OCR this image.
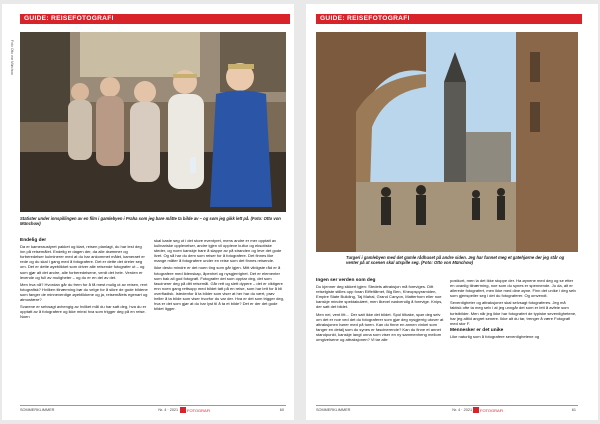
GUIDE: REISEFOTOGRAFI
Foto: Otto von Münchow
Statister under innspillingen av en film i gamlebyen i Praha som jeg bare måtte ta bilde av – og som jeg gikk lett på. (Foto: Otto von Münchow)
Endelig der

Da er kameraustyret pakket og klart, reisen planlagt, du har lest deg inn på reisemålet. Endelig er dagen der, da alle drømmer og forberedelser kulminerer med at du har ankommet målet, kameraet er rede og du skal i gang med å fotografere. Det er dette det dreier seg om. Det er dette øyeblikket som driver alle reisende fotografer ut – og som gjør alt det andre, alle forberedelsene, verdt det hele. Verden er levende og full av muligheter – og du er en del av det.

Men hva nå? Hvordan går du frem for å få mest mulig ut av reisen, rent fotografisk? Hvilken tilnærming bør du velge for å sikre de gode bildene som fanger de minneverdige øyeblikkene og ja, reisemålets egenart og atmosfære?

Svarene er selvsagt avhengig av hvilket mål du har satt deg, hva du er opptatt av å fotografere og ikke minst hva som trigger deg på en reise. Noen

skal kaste seg ut i det store eventyret, mens andre er mer opptatt av kulinariske opplevelser, andre igjen vil oppleve kultur og eksotiske steder, og noen kanskje bare å slappe av på stranden og leve det gode livet. Og så har du dem som reiser for å fotografere. Det finnes like mange måter å fotografere under en reise som det finnes reisende.

Ikke desto mindre er det noen ting som går igjen. Mitt viktigste råd er å fotografere med lidenskap, åpenhet og nysgjerrighet. Det er elementer som bak all god fotografi. Fotografer det som opptar deg, det som fascinerer deg på ditt reisemål. Går rett og slett dypere – det er viktigere enn noen gang rettsopp med bildet tatt på en reise, som har lett for å bli overfladisk. Istedenfor å ta bilder som viser at her har du vært, prøv heller å ta bilde som viser hvorfor du var der. Hva er det som trigger deg, hva er det som gjør at du har lyst til å ta et bilde? Det er der det gode bildet ligger.

SOMMERKLIMMER	Nr. 4 · 2021 FOTOGRAFI	60
GUIDE: REISEFOTOGRAFI
Turgeri i gamlebyen med det gamle rådhuset på andre siden. Jeg har funnet meg et gatehjørne der jeg står og venter på at scenen skal utspille seg. (Foto: Otto von Münchow)
Ingen ser verden som deg

Du kjenner deg sikkert igjen: Stedets attraksjon må foreviges. Ditt reiselgiste stilles opp foran Eiffeltårnet, Big Ben, Kheopspyramiden, Empire State Building, Taj Mahal, Grand Canyon, Matterhorn eller noe kanskje mindre spektakulært, men likevel nødvendig å forevige. Knips, der satt det bildet.

Men nei, vent litt… Der satt ikke det bildet. Spol tilbake, spør deg selv om det er noe ved det du fotograferer som gjør deg nysgjerrig utover at attraksjonen hører med på turen. Kan du finne en annen vinkel som fanger en detalj som du synes er fascinerende? Kan du finne et annet standpunkt, kanskje langt unna som viser en ny sammenheng mellom omgivelsene og attraksjonen? Vi tar alle

postkort, men la det ikke stoppe der. Ha øynene med deg og se etter en uvanlig tilnærming, noe som du synes er spennende. Jo da, alt er allerede fotografert, men ikke med dine øyne. Finn det unike i deg selv som gjenspeiler seg i det du fotograferer. Og omvendt.

Severdigheter og attraksjoner skal selvsagt fotograferes. Jeg må faktisk ofte ta meg selv i at jeg unngår det som er lett å avfeie som turistbilder. Men når jeg ikke har fotografert de typiske severdighetene, har jeg alltid angret senere. Ikke alt du tar, trenger å være Fotografi med stor F.

Mennesker er det unike

Like naturlig som å fotografere severdighetene og

SOMMERKLIMMER	Nr. 4 · 2021 FOTOGRAFI	61
